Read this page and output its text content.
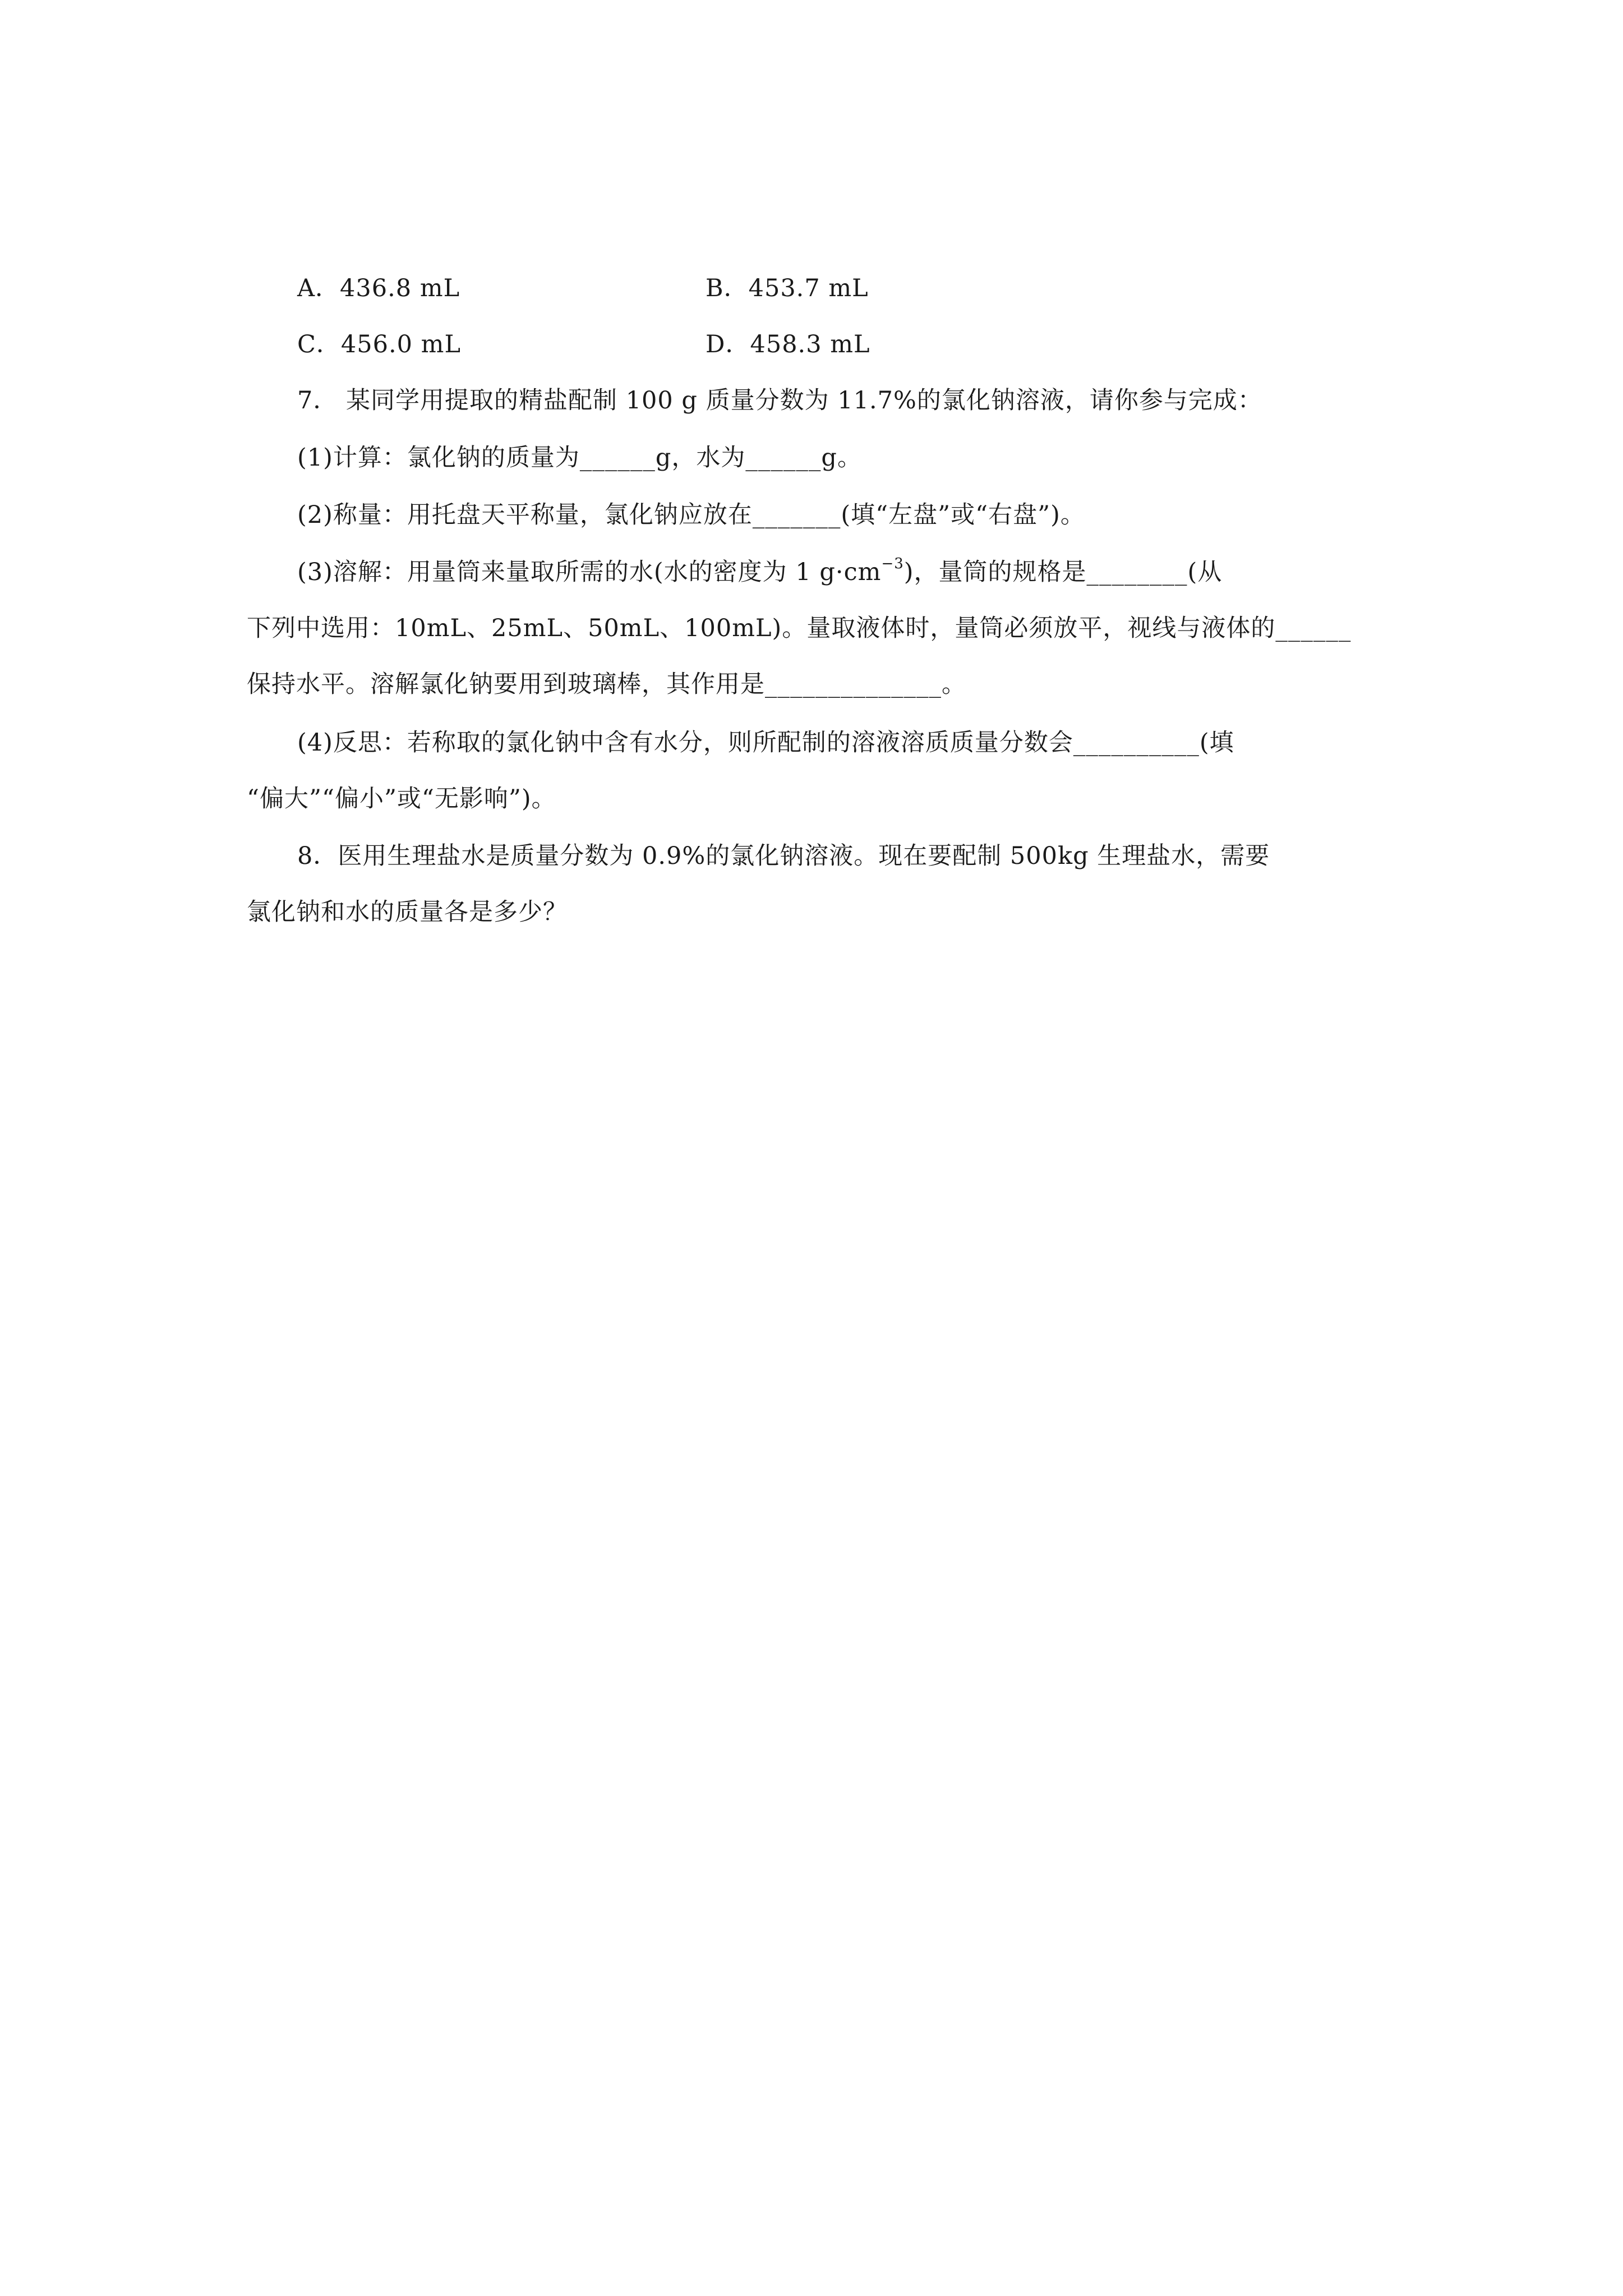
A．436.8 mL	B．453.7 mL
C．456.0 mL	D．458.3 mL
7． 某同学用提取的精盐配制 100 g 质量分数为 11.7%的氯化钠溶液，请你参与完成：
(1)计算：氯化钠的质量为______g，水为______g。
(2)称量：用托盘天平称量，氯化钠应放在_______(填“左盘”或“右盘”)。
(3)溶解：用量筒来量取所需的水(水的密度为 1 $g\cdot cm^{-3}$)，量筒的规格是________(从
下列中选用：10mL、25mL、50mL、100mL)。量取液体时，量筒必须放平，视线与液体的______
保持水平。溶解氯化钠要用到玻璃棒，其作用是______________。
(4)反思：若称取的氯化钠中含有水分，则所配制的溶液溶质质量分数会__________(填
“偏大”“偏小”或“无影响”)。
8．医用生理盐水是质量分数为 0.9%的氯化钠溶液。现在要配制 500kg 生理盐水，需要
氯化钠和水的质量各是多少？
